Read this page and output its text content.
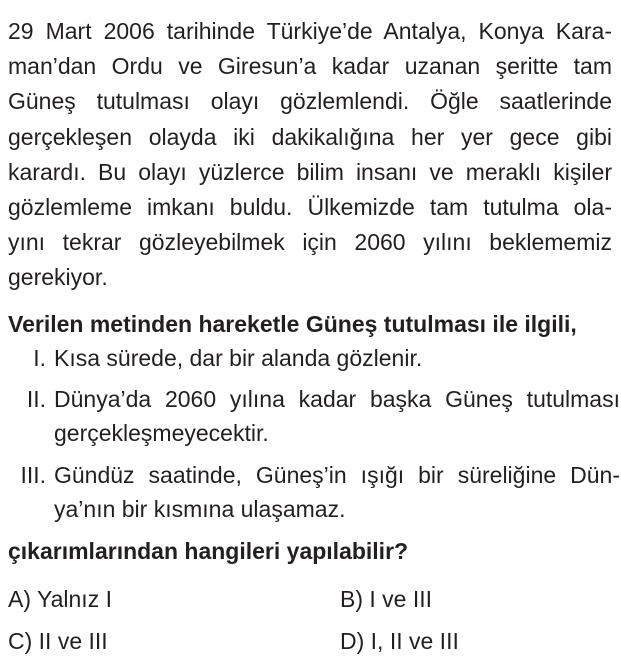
29 Mart 2006 tarihinde Türkiye’de Antalya, Konya Kara-
man’dan Ordu ve Giresun’a kadar uzanan şeritte tam
Güneş tutulması olayı gözlemlendi. Öğle saatlerinde
gerçekleşen olayda iki dakikalığına her yer gece gibi
karardı. Bu olayı yüzlerce bilim insanı ve meraklı kişiler
gözlemleme imkanı buldu. Ülkemizde tam tutulma ola-
yını tekrar gözleyebilmek için 2060 yılını beklememiz
gerekiyor.
Verilen metinden hareketle Güneş tutulması ile ilgili,
I. Kısa sürede, dar bir alanda gözlenir.
II. Dünya’da 2060 yılına kadar başka Güneş tutulması
gerçekleşmeyecektir.
III. Gündüz saatinde, Güneş’in ışığı bir süreliğine Dün-
ya’nın bir kısmına ulaşamaz.
çıkarımlarından hangileri yapılabilir?
A) Yalnız I	B) I ve III
C) II ve III	D) I, II ve III
